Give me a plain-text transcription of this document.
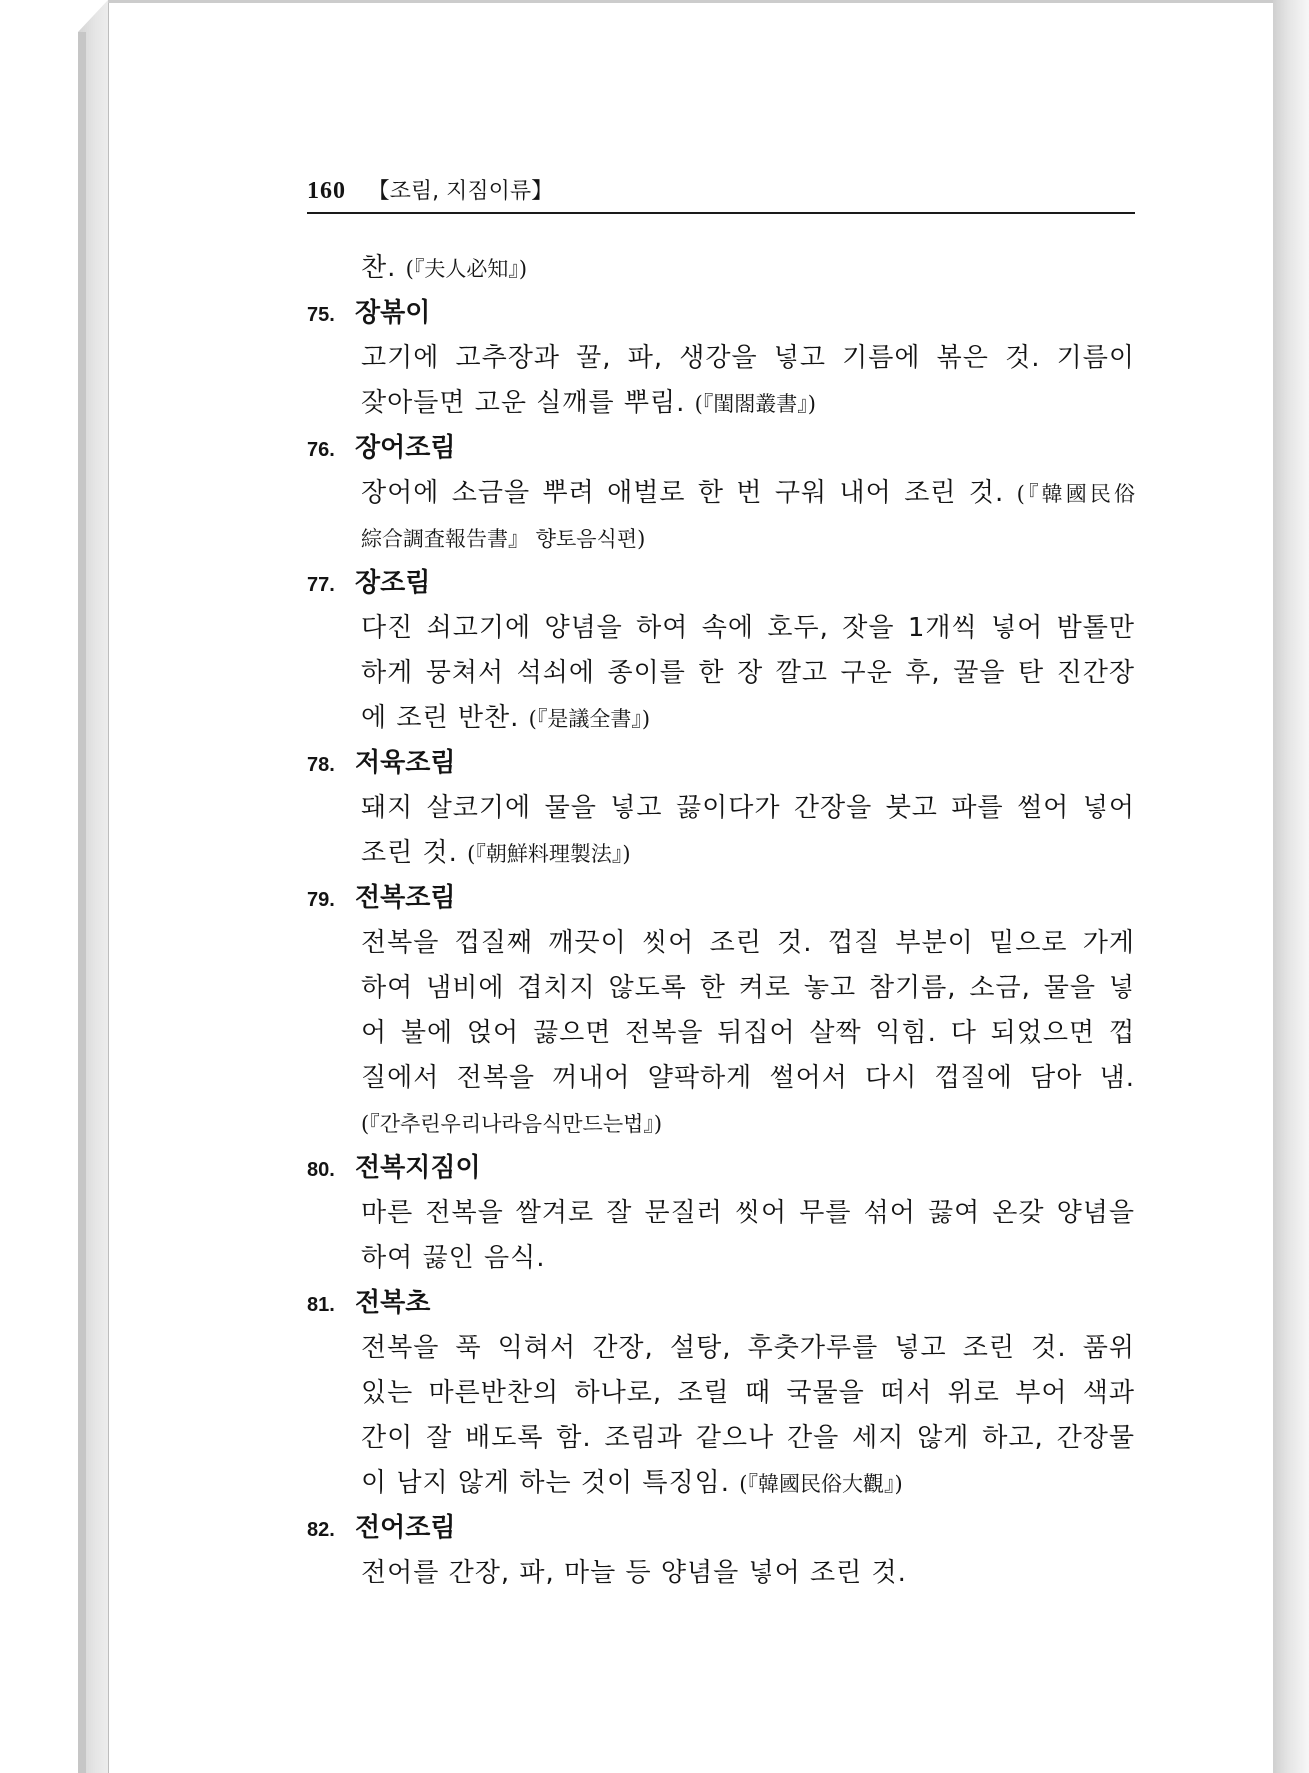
160 【조림, 지짐이류】
찬. (『夫人必知』)
75. 장볶이
고기에 고추장과 꿀, 파, 생강을 넣고 기름에 볶은 것. 기름이
잦아들면 고운 실깨를 뿌림. (『閨閤叢書』)
76. 장어조림
장어에 소금을 뿌려 애벌로 한 번 구워 내어 조린 것. (『韓國民俗
綜合調査報告書』 향토음식편)
77. 장조림
다진 쇠고기에 양념을 하여 속에 호두, 잣을 1개씩 넣어 밤톨만
하게 뭉쳐서 석쇠에 종이를 한 장 깔고 구운 후, 꿀을 탄 진간장
에 조린 반찬. (『是議全書』)
78. 저육조림
돼지 살코기에 물을 넣고 끓이다가 간장을 붓고 파를 썰어 넣어
조린 것. (『朝鮮料理製法』)
79. 전복조림
전복을 껍질째 깨끗이 씻어 조린 것. 껍질 부분이 밑으로 가게
하여 냄비에 겹치지 않도록 한 켜로 놓고 참기름, 소금, 물을 넣
어 불에 얹어 끓으면 전복을 뒤집어 살짝 익힘. 다 되었으면 껍
질에서 전복을 꺼내어 얄팍하게 썰어서 다시 껍질에 담아 냄.
(『간추린우리나라음식만드는법』)
80. 전복지짐이
마른 전복을 쌀겨로 잘 문질러 씻어 무를 섞어 끓여 온갖 양념을
하여 끓인 음식.
81. 전복초
전복을 푹 익혀서 간장, 설탕, 후춧가루를 넣고 조린 것. 품위
있는 마른반찬의 하나로, 조릴 때 국물을 떠서 위로 부어 색과
간이 잘 배도록 함. 조림과 같으나 간을 세지 않게 하고, 간장물
이 남지 않게 하는 것이 특징임. (『韓國民俗大觀』)
82. 전어조림
전어를 간장, 파, 마늘 등 양념을 넣어 조린 것.
